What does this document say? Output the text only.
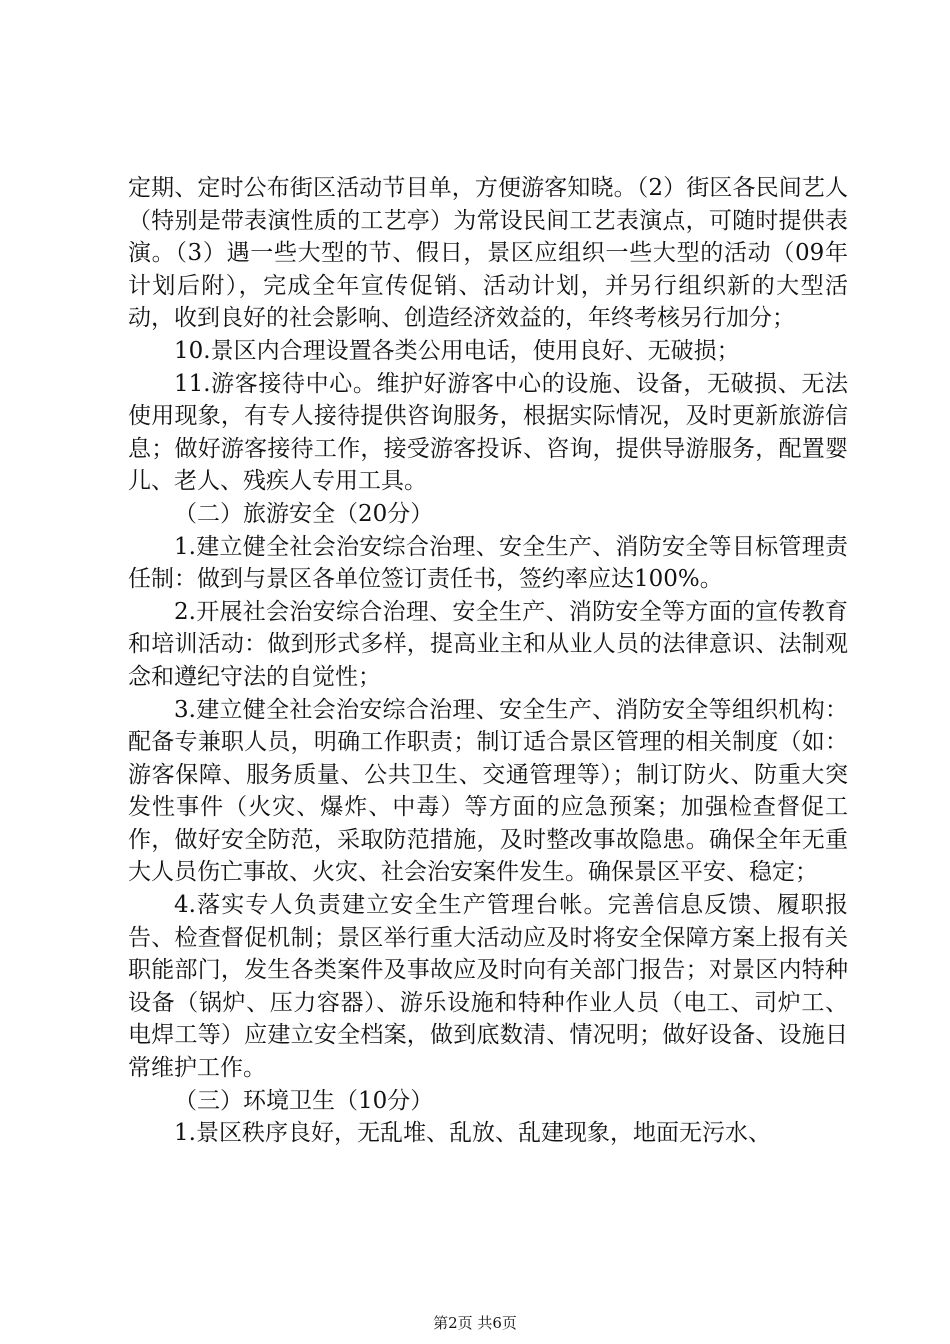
定期、定时公布街区活动节目单，方便游客知晓。（2）街区各民间艺人（特别是带表演性质的工艺亭）为常设民间工艺表演点，可随时提供表演。（3）遇一些大型的节、假日，景区应组织一些大型的活动（09年计划后附），完成全年宣传促销、活动计划，并另行组织新的大型活动，收到良好的社会影响、创造经济效益的，年终考核另行加分；

10.景区内合理设置各类公用电话，使用良好、无破损；

11.游客接待中心。维护好游客中心的设施、设备，无破损、无法使用现象，有专人接待提供咨询服务，根据实际情况，及时更新旅游信息；做好游客接待工作，接受游客投诉、咨询，提供导游服务，配置婴儿、老人、残疾人专用工具。

（二）旅游安全（20分）

1.建立健全社会治安综合治理、安全生产、消防安全等目标管理责任制：做到与景区各单位签订责任书，签约率应达100%。

2.开展社会治安综合治理、安全生产、消防安全等方面的宣传教育和培训活动：做到形式多样，提高业主和从业人员的法律意识、法制观念和遵纪守法的自觉性；

3.建立健全社会治安综合治理、安全生产、消防安全等组织机构：配备专兼职人员，明确工作职责；制订适合景区管理的相关制度（如：游客保障、服务质量、公共卫生、交通管理等）；制订防火、防重大突发性事件（火灾、爆炸、中毒）等方面的应急预案；加强检查督促工作，做好安全防范，采取防范措施，及时整改事故隐患。确保全年无重大人员伤亡事故、火灾、社会治安案件发生。确保景区平安、稳定；

4.落实专人负责建立安全生产管理台帐。完善信息反馈、履职报告、检查督促机制；景区举行重大活动应及时将安全保障方案上报有关职能部门，发生各类案件及事故应及时向有关部门报告；对景区内特种设备（锅炉、压力容器）、游乐设施和特种作业人员（电工、司炉工、电焊工等）应建立安全档案，做到底数清、情况明；做好设备、设施日常维护工作。

（三）环境卫生（10分）

1.景区秩序良好，无乱堆、乱放、乱建现象，地面无污水、

第2页 共6页
